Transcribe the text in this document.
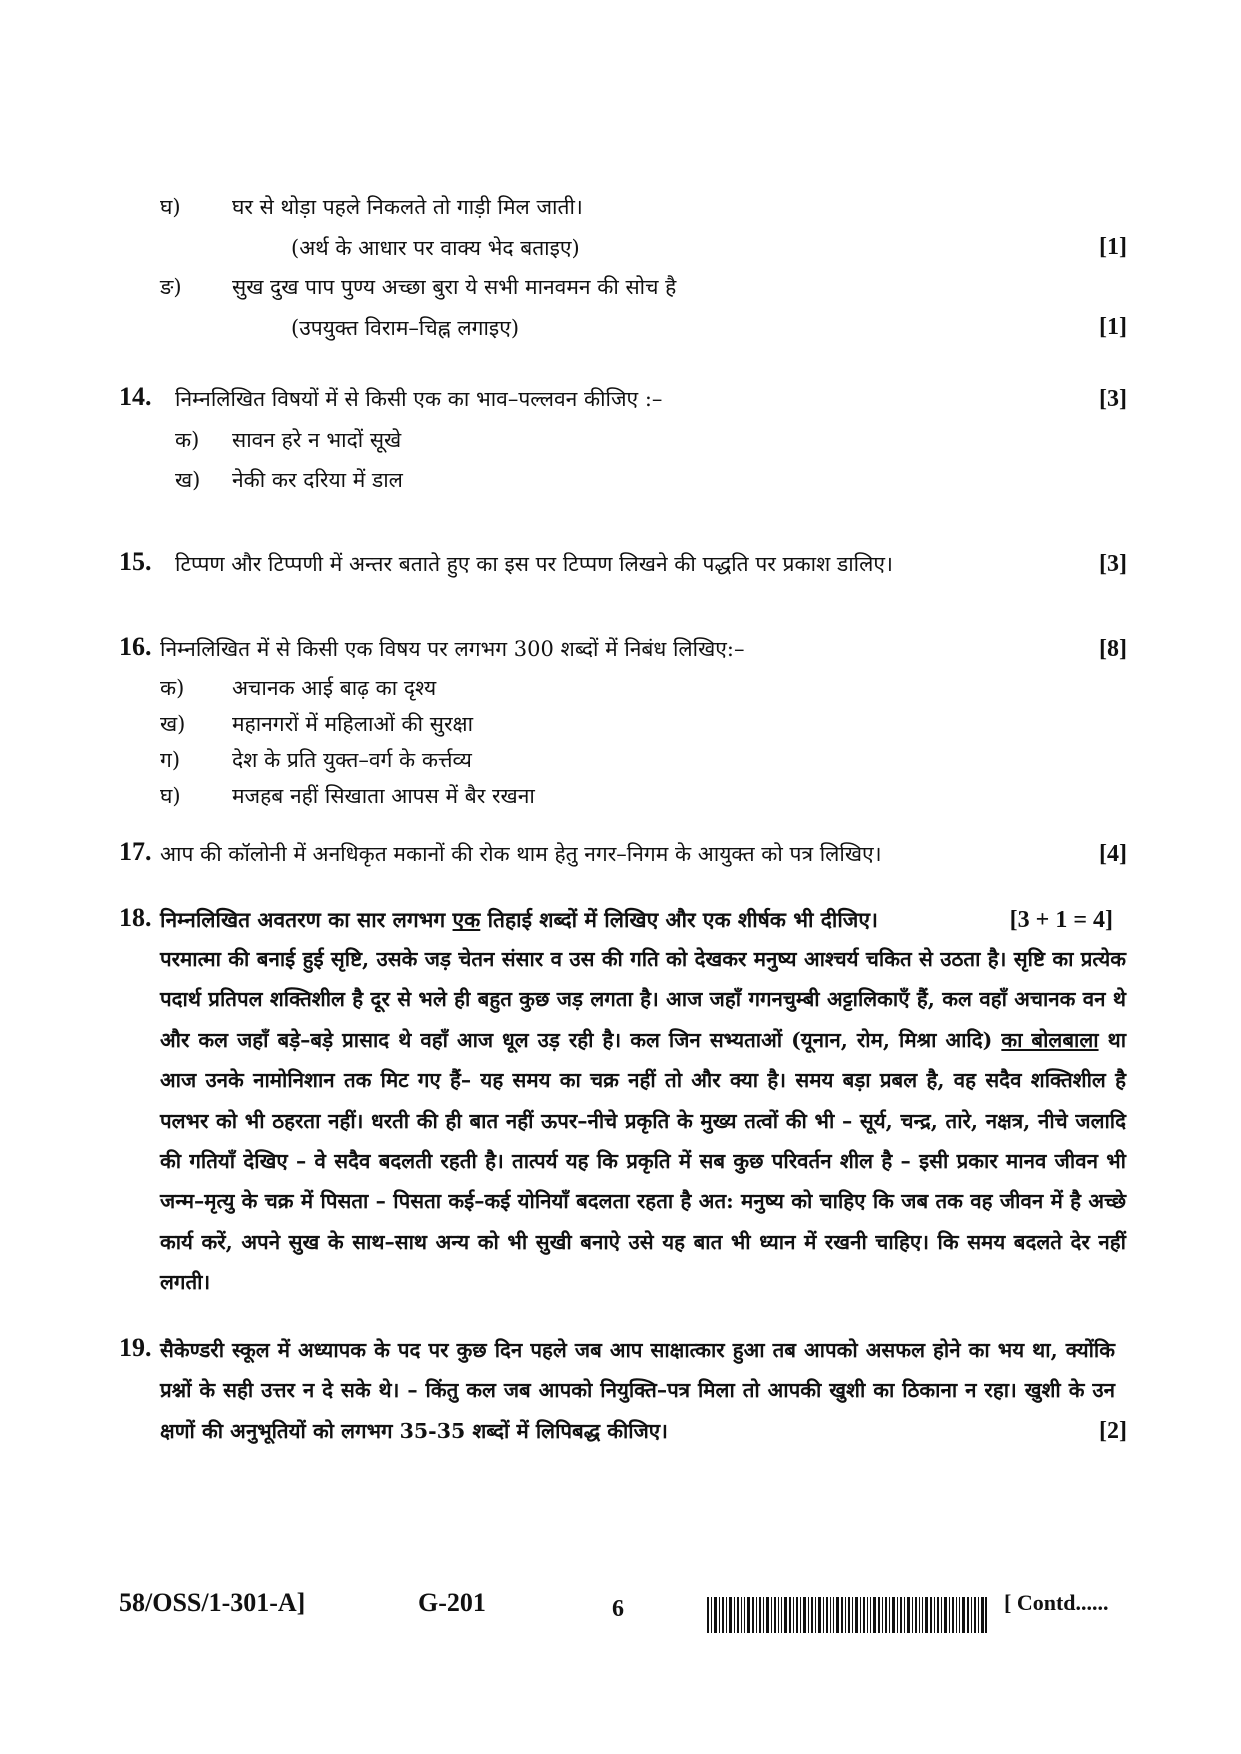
घ) घर से थोड़ा पहले निकलते तो गाड़ी मिल जाती।
(अर्थ के आधार पर वाक्य भेद बताइए)	[1]
ङ) सुख दुख पाप पुण्य अच्छा बुरा ये सभी मानवमन की सोच है
(उपयुक्त विराम–चिह्न लगाइए)	[1]
14. निम्नलिखित विषयों में से किसी एक का भाव–पल्लवन कीजिए :–	[3]
क) सावन हरे न भादों सूखे
ख) नेकी कर दरिया में डाल
15. टिप्पण और टिप्पणी में अन्तर बताते हुए का इस पर टिप्पण लिखने की पद्धति पर प्रकाश डालिए।	[3]
16. निम्नलिखित में से किसी एक विषय पर लगभग 300 शब्दों में निबंध लिखिए:–	[8]
क) अचानक आई बाढ़ का दृश्य
ख) महानगरों में महिलाओं की सुरक्षा
ग) देश के प्रति युक्त–वर्ग के कर्त्तव्य
घ) मजहब नहीं सिखाता आपस में बैर रखना
17. आप की कॉलोनी में अनधिकृत मकानों की रोक थाम हेतु नगर–निगम के आयुक्त को पत्र लिखिए।	[4]
18. निम्नलिखित अवतरण का सार लगभग एक तिहाई शब्दों में लिखिए और एक शीर्षक भी दीजिए।	[3 + 1 = 4]
परमात्मा की बनाई हुई सृष्टि, उसके जड़ चेतन संसार व उस की गति को देखकर मनुष्य आश्चर्य चकित से उठता है। सृष्टि का प्रत्येक पदार्थ प्रतिपल शक्तिशील है दूर से भले ही बहुत कुछ जड़ लगता है। आज जहाँ गगनचुम्बी अट्टालिकाएँ हैं, कल वहाँ अचानक वन थे और कल जहाँ बड़े–बड़े प्रासाद थे वहाँ आज धूल उड़ रही है। कल जिन सभ्यताओं (यूनान, रोम, मिश्रा आदि) का बोलबाला था आज उनके नामोनिशान तक मिट गए हैं– यह समय का चक्र नहीं तो और क्या है। समय बड़ा प्रबल है, वह सदैव शक्तिशील है पलभर को भी ठहरता नहीं। धरती की ही बात नहीं ऊपर–नीचे प्रकृति के मुख्य तत्वों की भी – सूर्य, चन्द्र, तारे, नक्षत्र, नीचे जलादि की गतियाँ देखिए – वे सदैव बदलती रहती है। तात्पर्य यह कि प्रकृति में सब कुछ परिवर्तन शील है – इसी प्रकार मानव जीवन भी जन्म–मृत्यु के चक्र में पिसता – पिसता कई–कई योनियाँ बदलता रहता है अत: मनुष्य को चाहिए कि जब तक वह जीवन में है अच्छे कार्य करें, अपने सुख के साथ–साथ अन्य को भी सुखी बनाऐ उसे यह बात भी ध्यान में रखनी चाहिए। कि समय बदलते देर नहीं लगती।
19. सैकेण्डरी स्कूल में अध्यापक के पद पर कुछ दिन पहले जब आप साक्षात्कार हुआ तब आपको असफल होने का भय था, क्योंकि प्रश्नों के सही उत्तर न दे सके थे। – किंतु कल जब आपको नियुक्ति–पत्र मिला तो आपकी खुशी का ठिकाना न रहा। खुशी के उन क्षणों की अनुभूतियों को लगभग 35-35 शब्दों में लिपिबद्ध कीजिए।	[2]
58/OSS/1-301-A]	G-201	6	[ Contd......
